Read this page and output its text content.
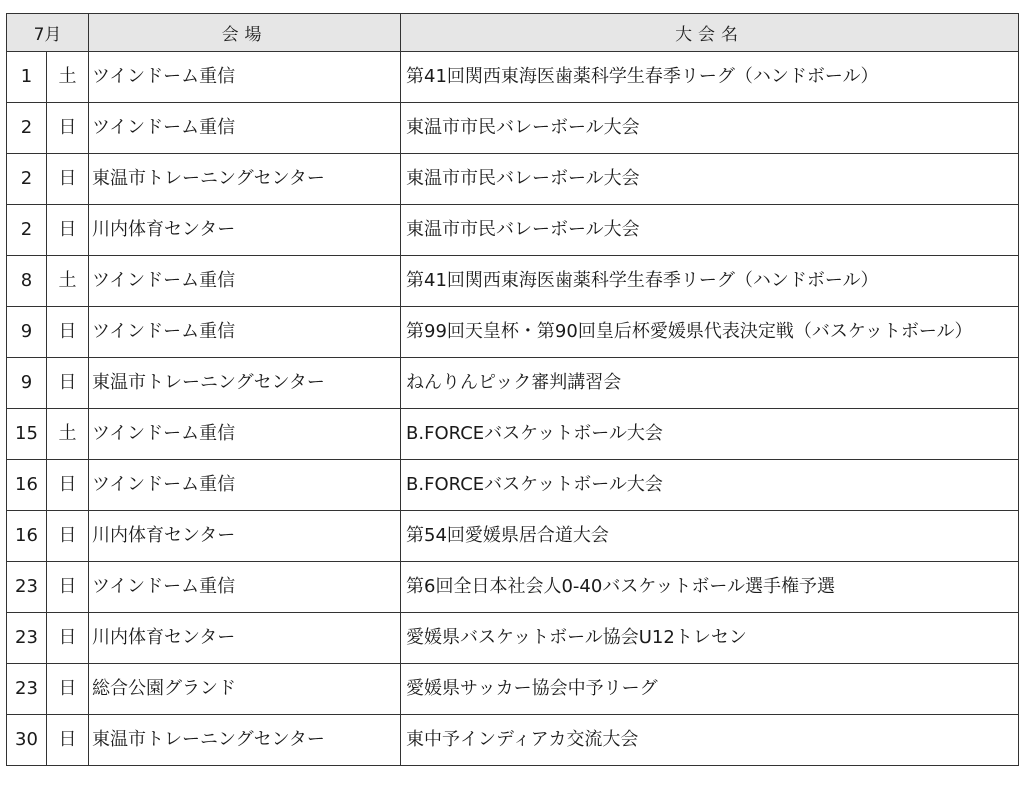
7月		会場	大会名
1	土	ツインドーム重信	第41回関西東海医歯薬科学生春季リーグ（ハンドボール）

2	日	ツインドーム重信	東温市市民バレーボール大会

2	日	東温市トレーニングセンター	東温市市民バレーボール大会

2	日	川内体育センター	東温市市民バレーボール大会

8	土	ツインドーム重信	第41回関西東海医歯薬科学生春季リーグ（ハンドボール）

9	日	ツインドーム重信	第99回天皇杯・第90回皇后杯愛媛県代表決定戦（バスケットボール）

9	日	東温市トレーニングセンター	ねんりんピック審判講習会

15	土	ツインドーム重信	B.FORCEバスケットボール大会

16	日	ツインドーム重信	B.FORCEバスケットボール大会

16	日	川内体育センター	第54回愛媛県居合道大会

23	日	ツインドーム重信	第6回全日本社会人0-40バスケットボール選手権予選

23	日	川内体育センター	愛媛県バスケットボール協会U12トレセン

23	日	総合公園グランド	愛媛県サッカー協会中予リーグ

30	日	東温市トレーニングセンター	東中予インディアカ交流大会
